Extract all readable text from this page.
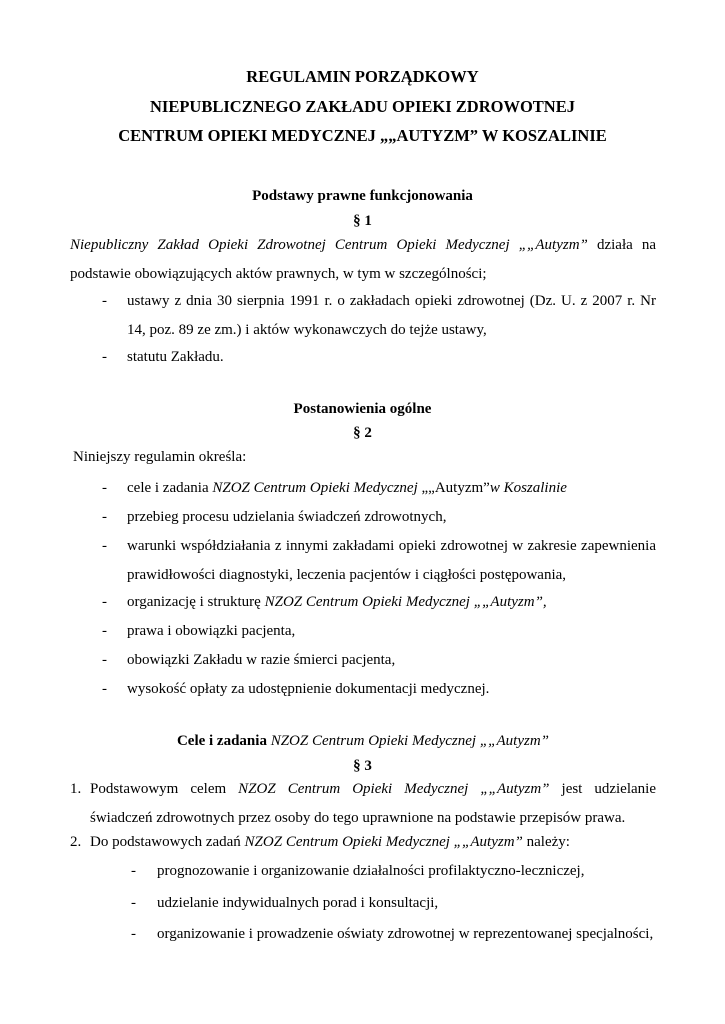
REGULAMIN PORZĄDKOWY
NIEPUBLICZNEGO ZAKŁADU OPIEKI ZDROWOTNEJ
CENTRUM OPIEKI MEDYCZNEJ „„AUTYZM” W KOSZALINIE
Podstawy prawne funkcjonowania
§ 1
Niepubliczny Zakład Opieki Zdrowotnej Centrum Opieki Medycznej „„Autyzm” działa na podstawie obowiązujących aktów prawnych, w tym w szczególności;
- ustawy z dnia 30 sierpnia 1991 r. o zakładach opieki zdrowotnej (Dz. U. z 2007 r. Nr 14, poz. 89 ze zm.) i aktów wykonawczych do tejże ustawy,
- statutu Zakładu.
Postanowienia ogólne
§ 2
Niniejszy regulamin określa:
- cele i zadania NZOZ Centrum Opieki Medycznej „„Autyzm”w Koszalinie
- przebieg procesu udzielania świadczeń zdrowotnych,
- warunki współdziałania z innymi zakładami opieki zdrowotnej w zakresie zapewnienia prawidłowości diagnostyki, leczenia pacjentów i ciągłości postępowania,
- organizację i strukturę NZOZ Centrum Opieki Medycznej „„Autyzm”,
- prawa i obowiązki pacjenta,
- obowiązki Zakładu w razie śmierci pacjenta,
- wysokość opłaty za udostępnienie dokumentacji medycznej.
Cele i zadania NZOZ Centrum Opieki Medycznej „„Autyzm”
§ 3
1. Podstawowym celem NZOZ Centrum Opieki Medycznej „„Autyzm” jest udzielanie świadczeń zdrowotnych przez osoby do tego uprawnione na podstawie przepisów prawa.
2. Do podstawowych zadań NZOZ Centrum Opieki Medycznej „„Autyzm” należy:
- prognozowanie i organizowanie działalności profilaktyczno-leczniczej,
- udzielanie indywidualnych porad i konsultacji,
- organizowanie i prowadzenie oświaty zdrowotnej w reprezentowanej specjalności,
